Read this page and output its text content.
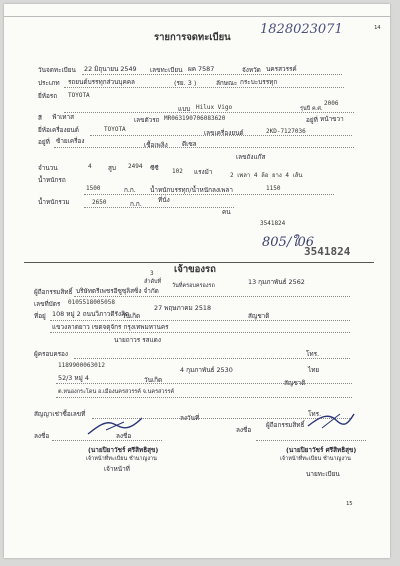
14
รายการจดทะเบียน
1828023071
วันจดทะเบียน 22 มิถุนายน 2549 เลขทะเบียน ผค 7587	จังหวัด นครสวรรค์
ประเภท รถยนต์บรรทุกส่วนบุคคล	(รย. 3 )	ลักษณะ กระบะบรรทุก
ยี่ห้อรถ TOYOTA
แบบ Hilux Vigo	รุ่นปี ค.ศ.
2006
สี ฟ้าเทาส	เลขตัวรถ MR063190706083620	อยู่ที่ หน้าขวา
ยี่ห้อเครื่องยนต์	TOYOTA	เลขเครื่องยนต์	2KD-7127036
อยู่ที่ ซ้ายเครื่อง	เชื้อเพลิง ดีเซล
เลขถังแก๊ส
จำนวน	4	สูบ 2494 ซีซี 102 แรงม้า	2 เพลา 4 ล้อ ยาง 4 เส้น
น้ำหนักรถ
1500	ก.ก. น้ำหนักบรรทุก/น้ำหนักลงเพลา	1150
น้ำหนักรวม	2650	ก.ก.	ที่นั่ง
คน
3541824
805/ใ06
3541824
เจ้าของรถ
ลำดับที่
3
วันที่ครอบครองรถ	13 กุมภาพันธ์ 2562
ผู้ถือกรรมสิทธิ์ บริษัทตรีเพชรอีซูซุลิสซิ่ง จำกัด
เลขที่บัตร 0105518005058
วันเกิด
27 พฤษภาคม 2518
สัญชาติ
ที่อยู่ 108 หมู่ 2 ถนนวิภาวดีรังสิต
แขวงลาดยาว เขตจตุจักร กรุงเทพมหานคร
นายถาวร รสแดง
ผู้ครอบครอง	โทร.
1189900063012
4 กุมภาพันธ์ 2530	ไทย
52/3 หมู่ 4	วันเกิด	สัญชาติ
ต.หนองกระโดน อ.เมืองนครสวรรค์ จ.นครสวรรค์
สัญญาเช่าซื้อเลขที่	ลงวันที่	โทร.
ลงชื่อ	ลงชื่อ
ลงชื่อ
ผู้ถือกรรมสิทธิ์
(นายปิยาวัชร์ ศรีสิทธิสุข)
เจ้าหน้าที่ทะเบียน ชำนาญงาน
เจ้าหน้าที่
(นายปิยาวัชร์ ศรีสิทธิสุข)
เจ้าหน้าที่ทะเบียน ชำนาญงาน
นายทะเบียน
15
